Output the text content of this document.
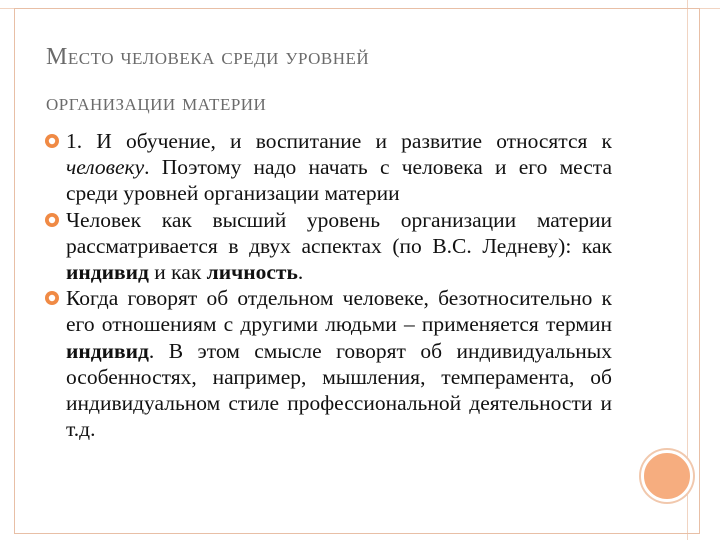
Место человека среди уровней
организации материи
1. И обучение, и воспитание и развитие относятся к человеку. Поэтому надо начать с человека и его места среди уровней организации материи
Человек как высший уровень организации материи рассматривается в двух аспектах (по В.С. Ледневу): как индивид и как личность.
Когда говорят об отдельном человеке, безотносительно к его отношениям с другими людьми – применяется термин индивид. В этом смысле говорят об индивидуальных особенностях, например, мышления, темперамента, об индивидуальном стиле профессиональной деятельности и т.д.
